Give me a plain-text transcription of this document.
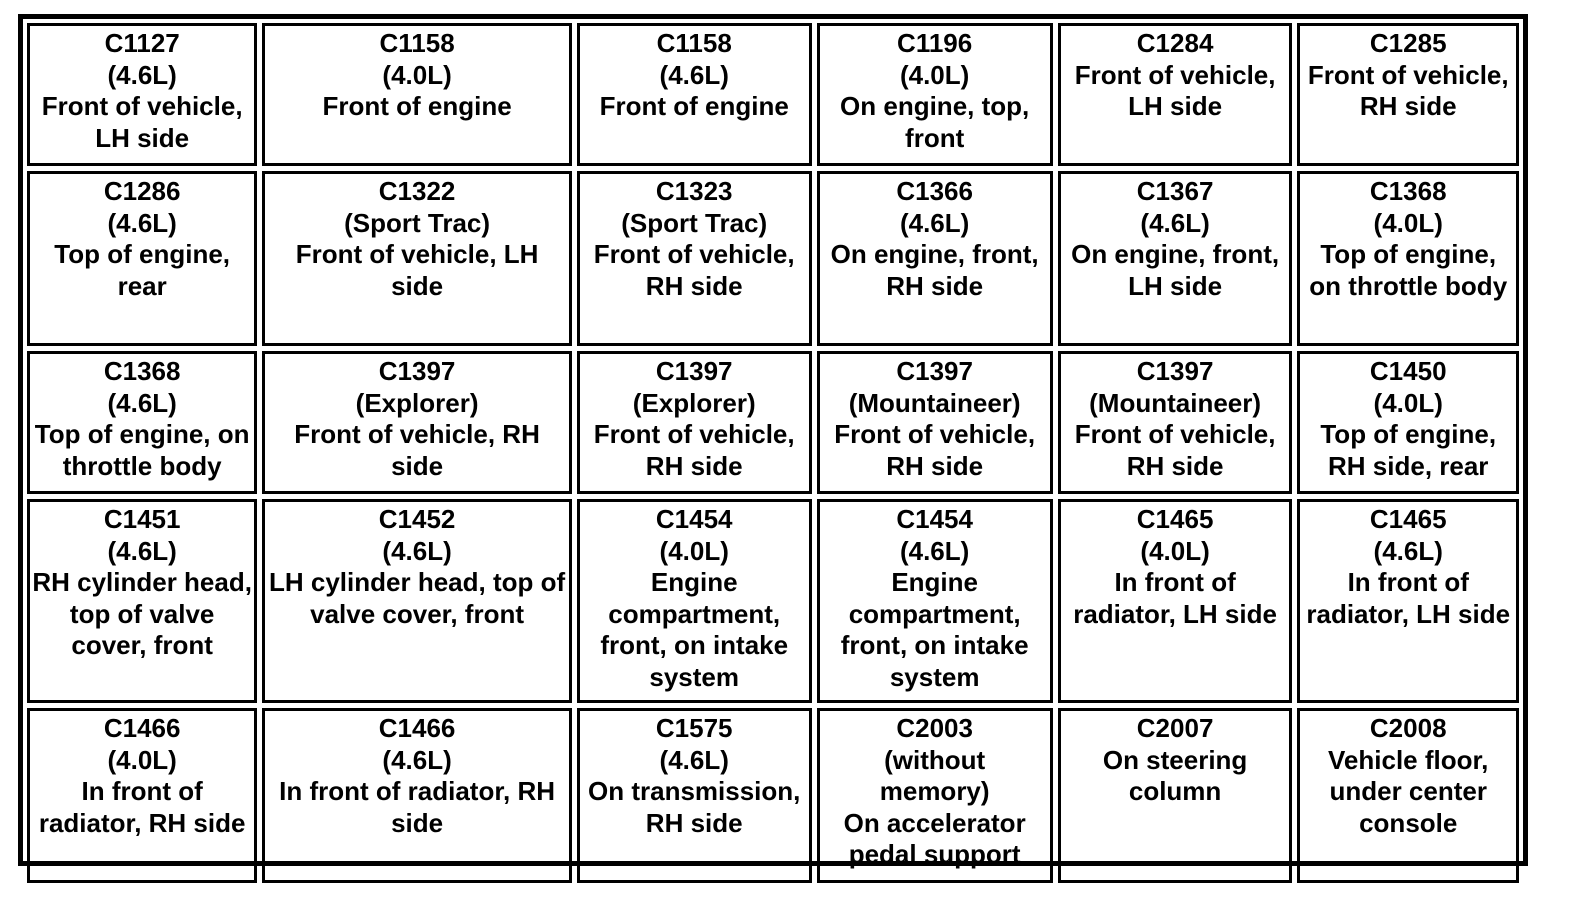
C1127
(4.6L)
Front of vehicle, LH side	C1158
(4.0L)
Front of engine	C1158
(4.6L)
Front of engine	C1196
(4.0L)
On engine, top, front	C1284
Front of vehicle, LH side	C1285
Front of vehicle, RH side

C1286
(4.6L)
Top of engine, rear	C1322
(Sport Trac)
Front of vehicle, LH side	C1323
(Sport Trac)
Front of vehicle, RH side	C1366
(4.6L)
On engine, front, RH side	C1367
(4.6L)
On engine, front, LH side	C1368
(4.0L)
Top of engine, on throttle body

C1368
(4.6L)
Top of engine, on throttle body	C1397
(Explorer)
Front of vehicle, RH side	C1397
(Explorer)
Front of vehicle, RH side	C1397
(Mountaineer)
Front of vehicle, RH side	C1397
(Mountaineer)
Front of vehicle, RH side	C1450
(4.0L)
Top of engine, RH side, rear

C1451
(4.6L)
RH cylinder head, top of valve cover, front	C1452
(4.6L)
LH cylinder head, top of valve cover, front	C1454
(4.0L)
Engine compartment, front, on intake system	C1454
(4.6L)
Engine compartment, front, on intake system	C1465
(4.0L)
In front of radiator, LH side	C1465
(4.6L)
In front of radiator, LH side

C1466
(4.0L)
In front of radiator, RH side	C1466
(4.6L)
In front of radiator, RH side	C1575
(4.6L)
On transmission, RH side	C2003
(without memory)
On accelerator pedal support	C2007
On steering column	C2008
Vehicle floor, under center console
